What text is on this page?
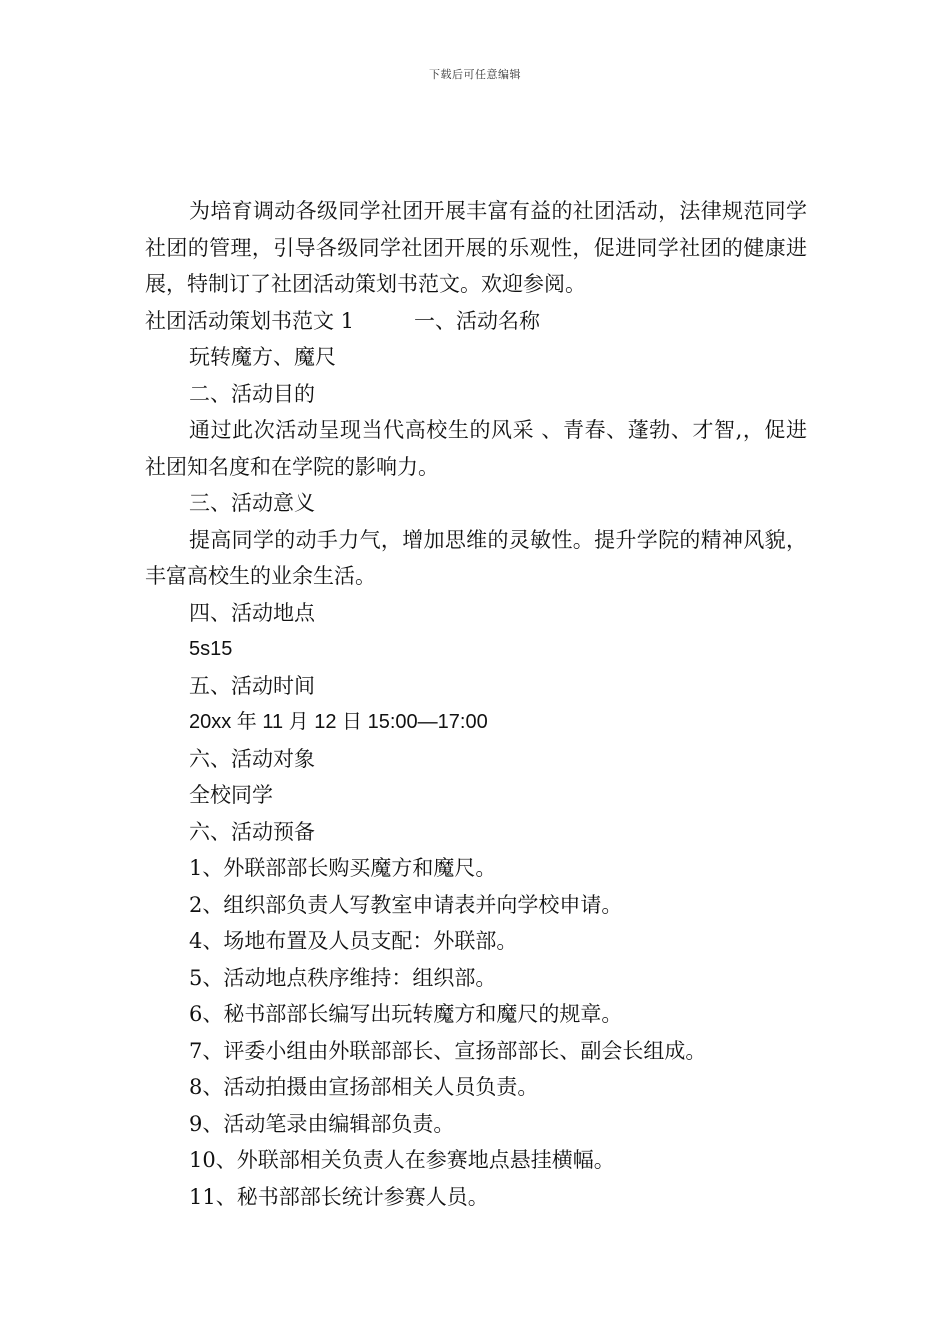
下载后可任意编辑

为培育调动各级同学社团开展丰富有益的社团活动，法律规范同学社团的管理，引导各级同学社团开展的乐观性，促进同学社团的健康进展，特制订了社团活动策划书范文。欢迎参阅。

社团活动策划书范文 1	一、活动名称

玩转魔方、魔尺

二、活动目的

通过此次活动呈现当代高校生的风采 、青春、蓬勃、才智,，促进社团知名度和在学院的影响力。

三、活动意义

提高同学的动手力气，增加思维的灵敏性。提升学院的精神风貌，丰富高校生的业余生活。

四、活动地点

5s15

五、活动时间

20xx 年 11 月 12 日 15:00—17:00

六、活动对象

全校同学

六、活动预备

1、外联部部长购买魔方和魔尺。

2、组织部负责人写教室申请表并向学校申请。

4、场地布置及人员支配：外联部。

5、活动地点秩序维持：组织部。

6、秘书部部长编写出玩转魔方和魔尺的规章。

7、评委小组由外联部部长、宣扬部部长、副会长组成。

8、活动拍摄由宣扬部相关人员负责。

9、活动笔录由编辑部负责。

10、外联部相关负责人在参赛地点悬挂横幅。

11、秘书部部长统计参赛人员。
